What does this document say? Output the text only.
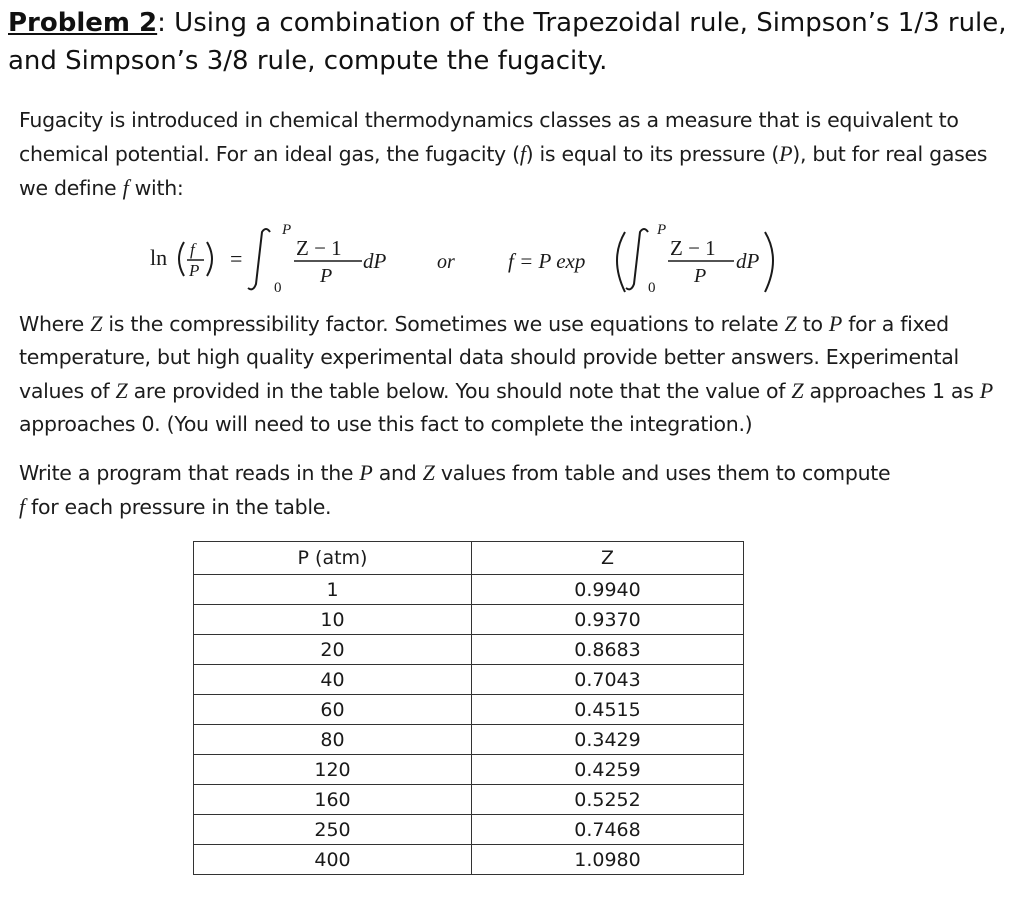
Problem 2: Using a combination of the Trapezoidal rule, Simpson’s 1/3 rule, and Simpson’s 3/8 rule, compute the fugacity.
Fugacity is introduced in chemical thermodynamics classes as a measure that is equivalent to chemical potential. For an ideal gas, the fugacity (f) is equal to its pressure (P), but for real gases we define f with:
ln f
P =
P
0
Z − 1
P
dP	or	f = P exp
P
0
Z − 1
P
dP
Where Z is the compressibility factor. Sometimes we use equations to relate Z to P for a fixed temperature, but high quality experimental data should provide better answers. Experimental values of Z are provided in the table below. You should note that the value of Z approaches 1 as P approaches 0. (You will need to use this fact to complete the integration.)
Write a program that reads in the P and Z values from table and uses them to compute
f for each pressure in the table.
P (atm)	Z
1	0.9940
10	0.9370
20	0.8683
40	0.7043
60	0.4515
80	0.3429
120	0.4259
160	0.5252
250	0.7468
400	1.0980
